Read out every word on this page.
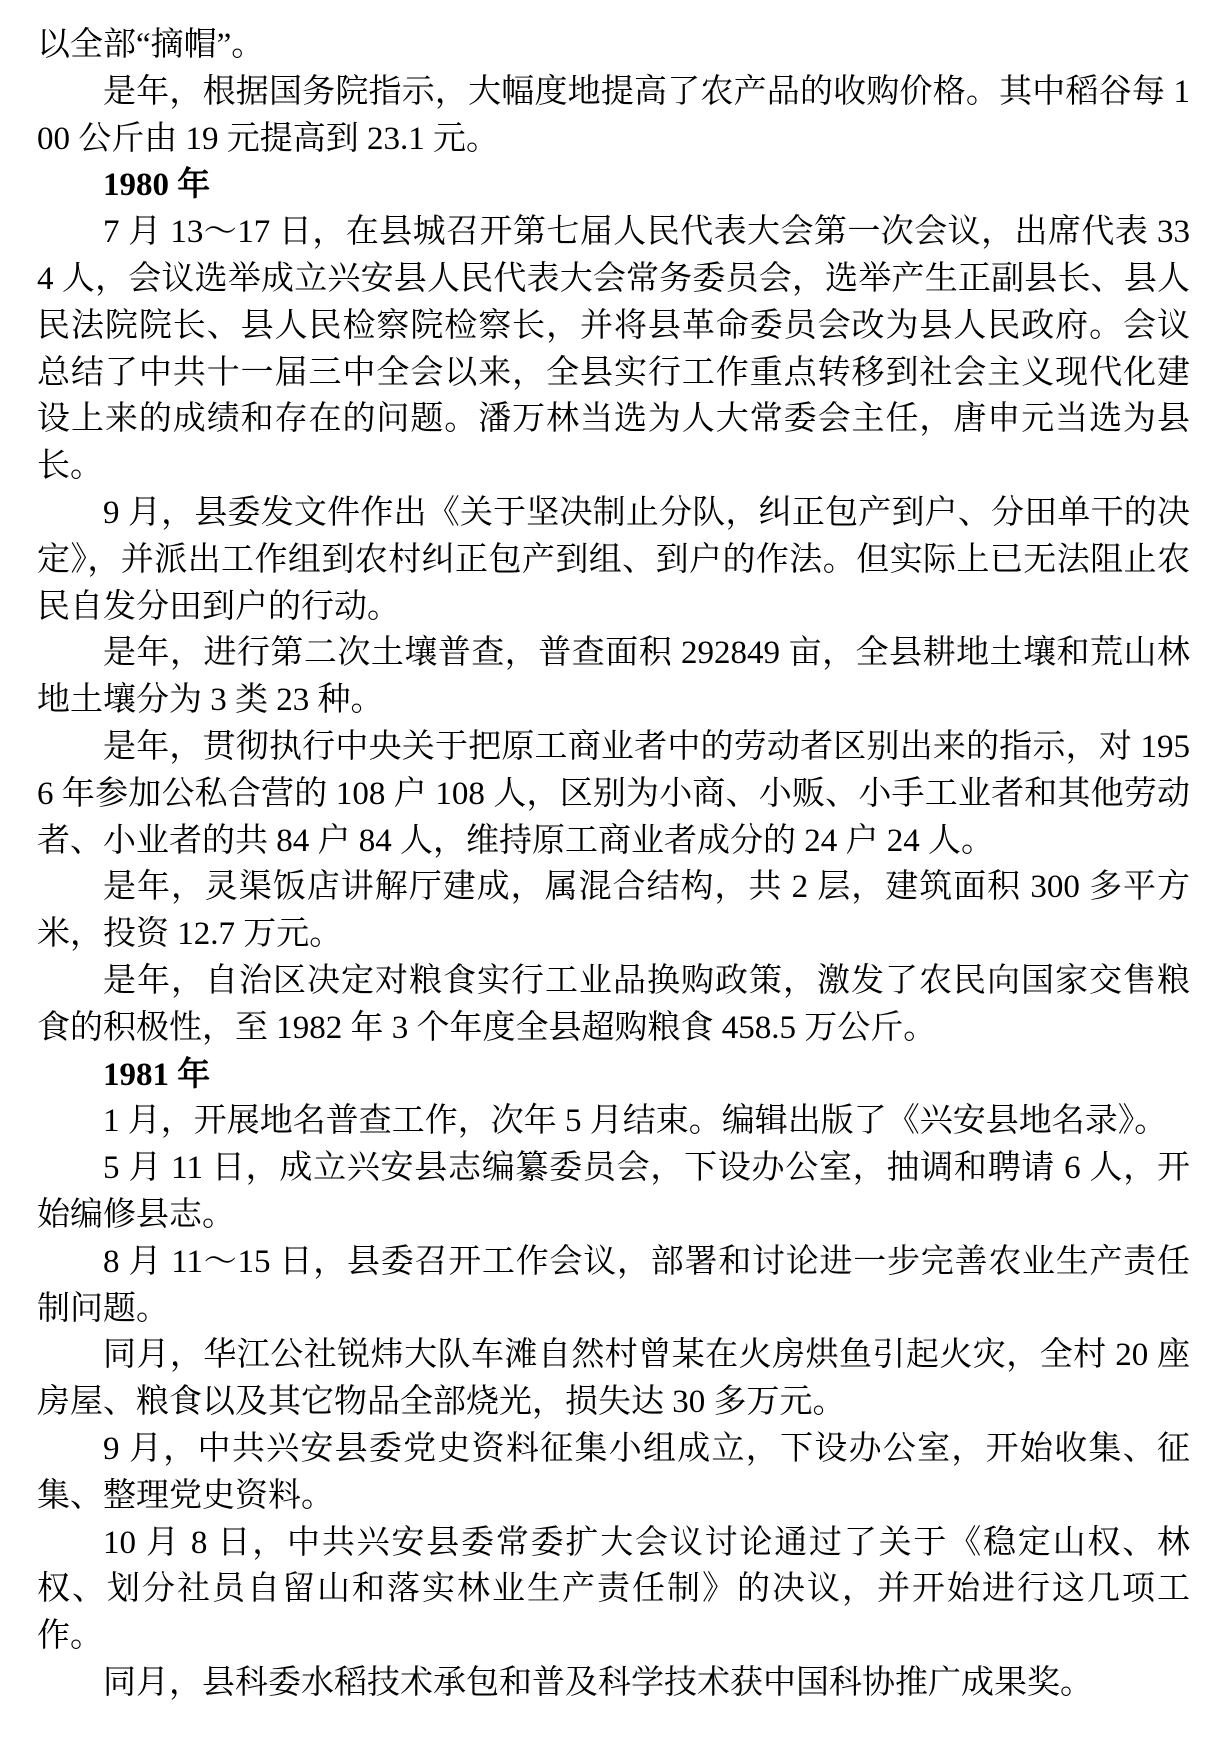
以全部“摘帽”。

是年，根据国务院指示，大幅度地提高了农产品的收购价格。其中稻谷每 100 公斤由 19 元提高到 23.1 元。

1980 年

7 月 13～17 日，在县城召开第七届人民代表大会第一次会议，出席代表 334 人，会议选举成立兴安县人民代表大会常务委员会，选举产生正副县长、县人民法院院长、县人民检察院检察长，并将县革命委员会改为县人民政府。会议总结了中共十一届三中全会以来，全县实行工作重点转移到社会主义现代化建设上来的成绩和存在的问题。潘万林当选为人大常委会主任，唐申元当选为县长。

9 月，县委发文件作出《关于坚决制止分队，纠正包产到户、分田单干的决定》，并派出工作组到农村纠正包产到组、到户的作法。但实际上已无法阻止农民自发分田到户的行动。

是年，进行第二次土壤普查，普查面积 292849 亩，全县耕地土壤和荒山林地土壤分为 3 类 23 种。

是年，贯彻执行中央关于把原工商业者中的劳动者区别出来的指示，对 1956 年参加公私合营的 108 户 108 人，区别为小商、小贩、小手工业者和其他劳动者、小业者的共 84 户 84 人，维持原工商业者成分的 24 户 24 人。

是年，灵渠饭店讲解厅建成，属混合结构，共 2 层，建筑面积 300 多平方米，投资 12.7 万元。

是年，自治区决定对粮食实行工业品换购政策，激发了农民向国家交售粮食的积极性，至 1982 年 3 个年度全县超购粮食 458.5 万公斤。

1981 年

1 月，开展地名普查工作，次年 5 月结束。编辑出版了《兴安县地名录》。

5 月 11 日，成立兴安县志编纂委员会，下设办公室，抽调和聘请 6 人，开始编修县志。

8 月 11～15 日，县委召开工作会议，部署和讨论进一步完善农业生产责任制问题。

同月，华江公社锐炜大队车滩自然村曾某在火房烘鱼引起火灾，全村 20 座房屋、粮食以及其它物品全部烧光，损失达 30 多万元。

9 月，中共兴安县委党史资料征集小组成立，下设办公室，开始收集、征集、整理党史资料。

10 月 8 日，中共兴安县委常委扩大会议讨论通过了关于《稳定山权、林权、划分社员自留山和落实林业生产责任制》的决议，并开始进行这几项工作。

同月，县科委水稻技术承包和普及科学技术获中国科协推广成果奖。
